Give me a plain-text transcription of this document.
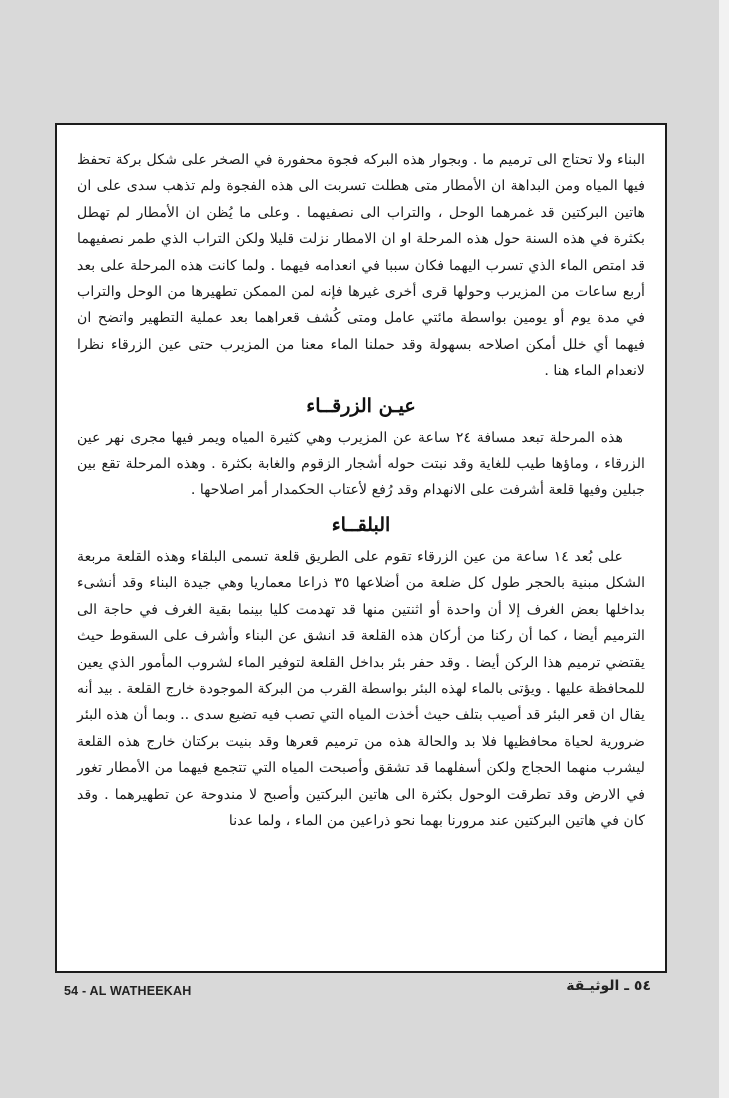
البناء ولا تحتاج الى ترميم ما . وبجوار هذه البركه فجوة محفورة في الصخر على شكل بركة تحفظ فيها المياه ومن البداهة ان الأمطار متى هطلت تسربت الى هذه الفجوة ولم تذهب سدى على ان هاتين البركتين قد غمرهما الوحل ، والتراب الى نصفيهما . وعلى ما يُظن ان الأمطار لم تهطل بكثرة في هذه السنة حول هذه المرحلة او ان الامطار نزلت قليلا ولكن التراب الذي طمر نصفيهما قد امتص الماء الذي تسرب اليهما فكان سببا في انعدامه فيهما . ولما كانت هذه المرحلة على بعد أربع ساعات من المزيرب وحولها قرى أخرى غيرها فإنه لمن الممكن تطهيرها من الوحل والتراب في مدة يوم أو يومين بواسطة مائتي عامل ومتى كُشف قعراهما بعد عملية التطهير واتضح ان فيهما أي خلل أمكن اصلاحه بسهولة وقد حملنا الماء معنا من المزيرب حتى عين الزرقاء نظرا لانعدام الماء هنا .

عيـن الزرقــاء

هذه المرحلة تبعد مسافة ٢٤ ساعة عن المزيرب وهي كثيرة المياه ويمر فيها مجرى نهر عين الزرقاء ، وماؤها طيب للغاية وقد نبتت حوله أشجار الزقوم والغابة بكثرة . وهذه المرحلة تقع بين جبلين وفيها قلعة أشرفت على الانهدام وقد رُفع لأعتاب الحكمدار أمر اصلاحها .

البلقــاء

على بُعد ١٤ ساعة من عين الزرقاء تقوم على الطريق قلعة تسمى البلقاء وهذه القلعة مربعة الشكل مبنية بالحجر طول كل ضلعة من أضلاعها ٣٥ ذراعا معماريا وهي جيدة البناء وقد أنشىء بداخلها بعض الغرف إلا أن واحدة أو اثنتين منها قد تهدمت كليا بينما بقية الغرف في حاجة الى الترميم أيضا ، كما أن ركنا من أركان هذه القلعة قد انشق عن البناء وأشرف على السقوط حيث يقتضي ترميم هذا الركن أيضا . وقد حفر بئر بداخل القلعة لتوفير الماء لشروب المأمور الذي يعين للمحافظة عليها . ويؤتى بالماء لهذه البئر بواسطة القرب من البركة الموجودة خارج القلعة . بيد أنه يقال ان قعر البئر قد أصيب بتلف حيث أخذت المياه التي تصب فيه تضيع سدى .. وبما أن هذه البئر ضرورية لحياة محافظيها فلا بد والحالة هذه من ترميم قعرها وقد بنيت بركتان خارج هذه القلعة ليشرب منهما الحجاج ولكن أسفلهما قد تشقق وأصبحت المياه التي تتجمع فيهما من الأمطار تغور في الارض وقد تطرقت الوحول بكثرة الى هاتين البركتين وأصبح لا مندوحة عن تطهيرهما . وقد كان في هاتين البركتين عند مرورنا بهما نحو ذراعين من الماء ، ولما عدنا

54 - AL WATHEEKAH	٥٤ ـ الوثيـقة
